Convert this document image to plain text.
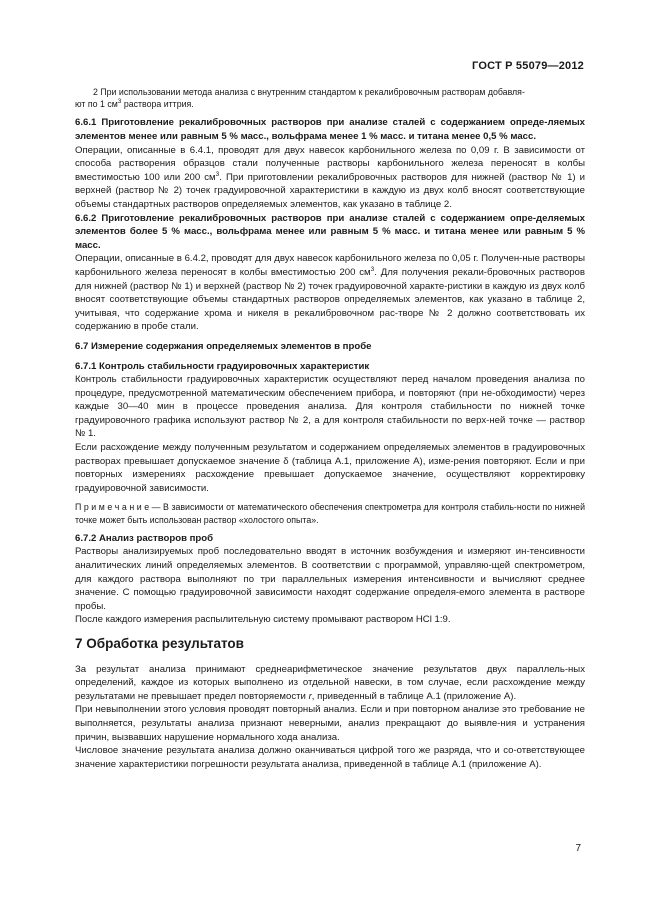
ГОСТ Р 55079—2012

2 При использовании метода анализа с внутренним стандартом к рекалибровочным растворам добавля-
ют по 1 $см^3$ раствора иттрия.

6.6.1 Приготовление рекалибровочных растворов при анализе сталей с содержанием опреде-ляемых элементов менее или равным 5 % масс., вольфрама менее 1 % масс. и титана менее 0,5 % масс.

Операции, описанные в 6.4.1, проводят для двух навесок карбонильного железа по 0,09 г. В зависимости от способа растворения образцов стали полученные растворы карбонильного железа переносят в колбы вместимостью 100 или 200 $см^3$. При приготовлении рекалибровочных растворов для нижней (раствор № 1) и верхней (раствор № 2) точек градуировочной характеристики в каждую из двух колб вносят соответствующие объемы стандартных растворов определяемых элементов, как указано в таблице 2.

6.6.2 Приготовление рекалибровочных растворов при анализе сталей с содержанием опре-деляемых элементов более 5 % масс., вольфрама менее или равным 5 % масс. и титана менее или равным 5 % масс.

Операции, описанные в 6.4.2, проводят для двух навесок карбонильного железа по 0,05 г. Получен-ные растворы карбонильного железа переносят в колбы вместимостью 200 $см^3$. Для получения рекали-бровочных растворов для нижней (раствор № 1) и верхней (раствор № 2) точек градуировочной характе-ристики в каждую из двух колб вносят соответствующие объемы стандартных растворов определяемых элементов, как указано в таблице 2, учитывая, что содержание хрома и никеля в рекалибровочном рас-творе № 2 должно соответствовать их содержанию в пробе стали.

6.7 Измерение содержания определяемых элементов в пробе

6.7.1 Контроль стабильности градуировочных характеристик

Контроль стабильности градуировочных характеристик осуществляют перед началом проведения анализа по процедуре, предусмотренной математическим обеспечением прибора, и повторяют (при не-обходимости) через каждые 30—40 мин в процессе проведения анализа. Для контроля стабильности по нижней точке градуировочного графика используют раствор № 2, а для контроля стабильности по верх-ней точке — раствор № 1.

Если расхождение между полученным результатом и содержанием определяемых элементов в градуировочных растворах превышает допускаемое значение δ (таблица А.1, приложение А), изме-рения повторяют. Если и при повторных измерениях расхождение превышает допускаемое значение, осуществляют корректировку градуировочной зависимости.

П р и м е ч а н и е — В зависимости от математического обеспечения спектрометра для контроля стабиль-ности по нижней точке может быть использован раствор «холостого опыта».

6.7.2 Анализ растворов проб

Растворы анализируемых проб последовательно вводят в источник возбуждения и измеряют ин-тенсивности аналитических линий определяемых элементов. В соответствии с программой, управляю-щей спектрометром, для каждого раствора выполняют по три параллельных измерения интенсивности и вычисляют среднее значение. С помощью градуировочной зависимости находят содержание определя-емого элемента в растворе пробы.

После каждого измерения распылительную систему промывают раствором HCl 1:9.

7 Обработка результатов

За результат анализа принимают среднеарифметическое значение результатов двух параллель-ных определений, каждое из которых выполнено из отдельной навески, в том случае, если расхождение между результатами не превышает предел повторяемости r, приведенный в таблице А.1 (приложение А).

При невыполнении этого условия проводят повторный анализ. Если и при повторном анализе это требование не выполняется, результаты анализа признают неверными, анализ прекращают до выявле-ния и устранения причин, вызвавших нарушение нормального хода анализа.

Числовое значение результата анализа должно оканчиваться цифрой того же разряда, что и со-ответствующее значение характеристики погрешности результата анализа, приведенной в таблице А.1 (приложение А).

7
